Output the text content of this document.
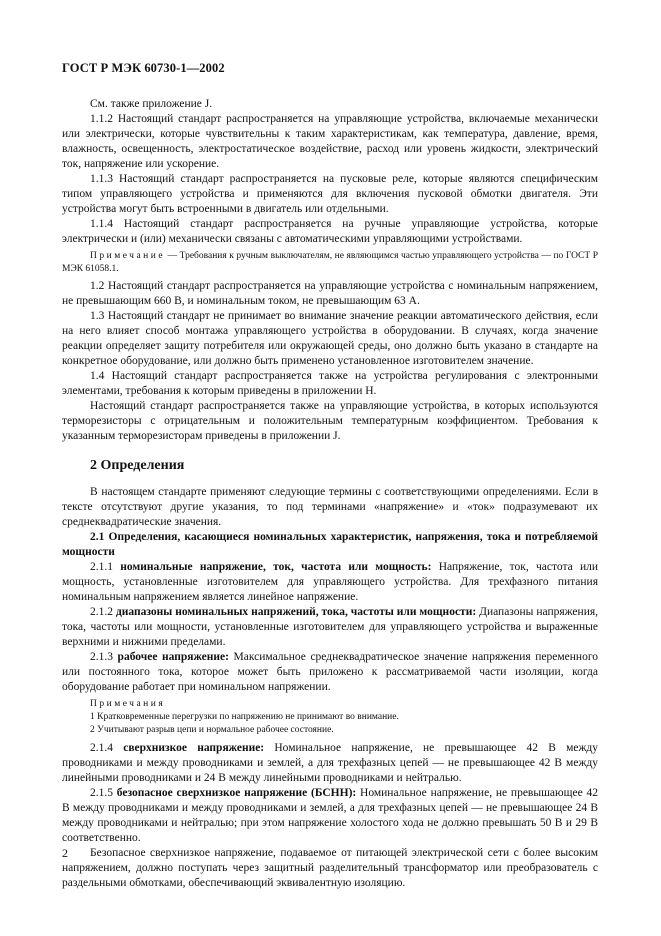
ГОСТ Р МЭК 60730-1—2002

См. также приложение J.

1.1.2 Настоящий стандарт распространяется на управляющие устройства, включаемые механически или электрически, которые чувствительны к таким характеристикам, как температура, давление, время, влажность, освещенность, электростатическое воздействие, расход или уровень жидкости, электрический ток, напряжение или ускорение.

1.1.3 Настоящий стандарт распространяется на пусковые реле, которые являются специфическим типом управляющего устройства и применяются для включения пусковой обмотки двигателя. Эти устройства могут быть встроенными в двигатель или отдельными.

1.1.4 Настоящий стандарт распространяется на ручные управляющие устройства, которые электрически и (или) механически связаны с автоматическими управляющими устройствами.

Примечание — Требования к ручным выключателям, не являющимся частью управляющего устройства — по ГОСТ Р МЭК 61058.1.

1.2 Настоящий стандарт распространяется на управляющие устройства с номинальным напряжением, не превышающим 660 В, и номинальным током, не превышающим 63 А.

1.3 Настоящий стандарт не принимает во внимание значение реакции автоматического действия, если на него влияет способ монтажа управляющего устройства в оборудовании. В случаях, когда значение реакции определяет защиту потребителя или окружающей среды, оно должно быть указано в стандарте на конкретное оборудование, или должно быть применено установленное изготовителем значение.

1.4 Настоящий стандарт распространяется также на устройства регулирования с электронными элементами, требования к которым приведены в приложении Н.

Настоящий стандарт распространяется также на управляющие устройства, в которых используются терморезисторы с отрицательным и положительным температурным коэффициентом. Требования к указанным терморезисторам приведены в приложении J.

2 Определения

В настоящем стандарте применяют следующие термины с соответствующими определениями. Если в тексте отсутствуют другие указания, то под терминами «напряжение» и «ток» подразумевают их среднеквадратические значения.

2.1 Определения, касающиеся номинальных характеристик, напряжения, тока и потребляемой мощности

2.1.1 номинальные напряжение, ток, частота или мощность: Напряжение, ток, частота или мощность, установленные изготовителем для управляющего устройства. Для трехфазного питания номинальным напряжением является линейное напряжение.

2.1.2 диапазоны номинальных напряжений, тока, частоты или мощности: Диапазоны напряжения, тока, частоты или мощности, установленные изготовителем для управляющего устройства и выраженные верхними и нижними пределами.

2.1.3 рабочее напряжение: Максимальное среднеквадратическое значение напряжения переменного или постоянного тока, которое может быть приложено к рассматриваемой части изоляции, когда оборудование работает при номинальном напряжении.

Примечания
1 Кратковременные перегрузки по напряжению не принимают во внимание.
2 Учитывают разрыв цепи и нормальное рабочее состояние.

2.1.4 сверхнизкое напряжение: Номинальное напряжение, не превышающее 42 В между проводниками и между проводниками и землей, а для трехфазных цепей — не превышающее 42 В между линейными проводниками и 24 В между линейными проводниками и нейтралью.

2.1.5 безопасное сверхнизкое напряжение (БСНН): Номинальное напряжение, не превышающее 42 В между проводниками и между проводниками и землей, а для трехфазных цепей — не превышающее 24 В между проводниками и нейтралью; при этом напряжение холостого хода не должно превышать 50 В и 29 В соответственно.

Безопасное сверхнизкое напряжение, подаваемое от питающей электрической сети с более высоким напряжением, должно поступать через защитный разделительный трансформатор или преобразователь с раздельными обмотками, обеспечивающий эквивалентную изоляцию.

2
